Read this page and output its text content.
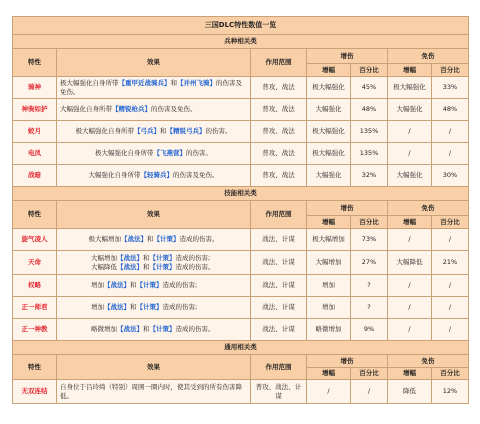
三国DLC特性数值一览						
兵种相关类						
特性	效果	作用范围	增伤		免伤	
			增幅	百分比	增幅	百分比
骑神	极大幅强化自身所带【重甲近战骑兵】和【并州飞骑】的伤害及免伤。	普攻、战法	极大幅强化	45%	极大幅强化	33%
神驹如护	大幅强化自身所带【精锐枪兵】的伤害及免伤。	普攻、战法	大幅强化	48%	大幅强化	48%
蛟月	极大幅强化自身所带【弓兵】和【精锐弓兵】的伤害。	普攻、战法	极大幅强化	135%	/	/
电凤	极大幅强化自身所带【飞燕营】的伤害。	普攻、战法	极大幅强化	135%	/	/
战暗	大幅强化自身所带【轻骑兵】的伤害及免伤。	普攻、战法	大幅强化	32%	大幅强化	30%
技能相关类						
特性	效果	作用范围	增伤		免伤	
			增幅	百分比	增幅	百分比
旋气凌人	极大幅增加【战法】和【计策】造成的伤害。	战法、计谋	极大幅增加	73%	/	/
天命	大幅增加【战法】和【计策】造成的伤害;
大幅降低【战法】和【计策】造成的伤害。	战法、计谋	大幅增加	27%	大幅降低	21%
权略	增加【战法】和【计策】造成的伤害;	战法、计谋	增加	?	/	/
正一师君	增加【战法】和【计策】造成的伤害;	战法、计谋	增加	?	/	/
正一神教	略微增加【战法】和【计策】造成的伤害。	战法、计谋	略微增加	9%	/	/
通用相关类						
特性	效果	作用范围	增伤		免伤	
			增幅	百分比	增幅	百分比
无双连结	自身位于吕玲绮（特别）周围一圈内时，使其受到的所有伤害降低。	普攻、战法、计谋	/	/	降低	12%
